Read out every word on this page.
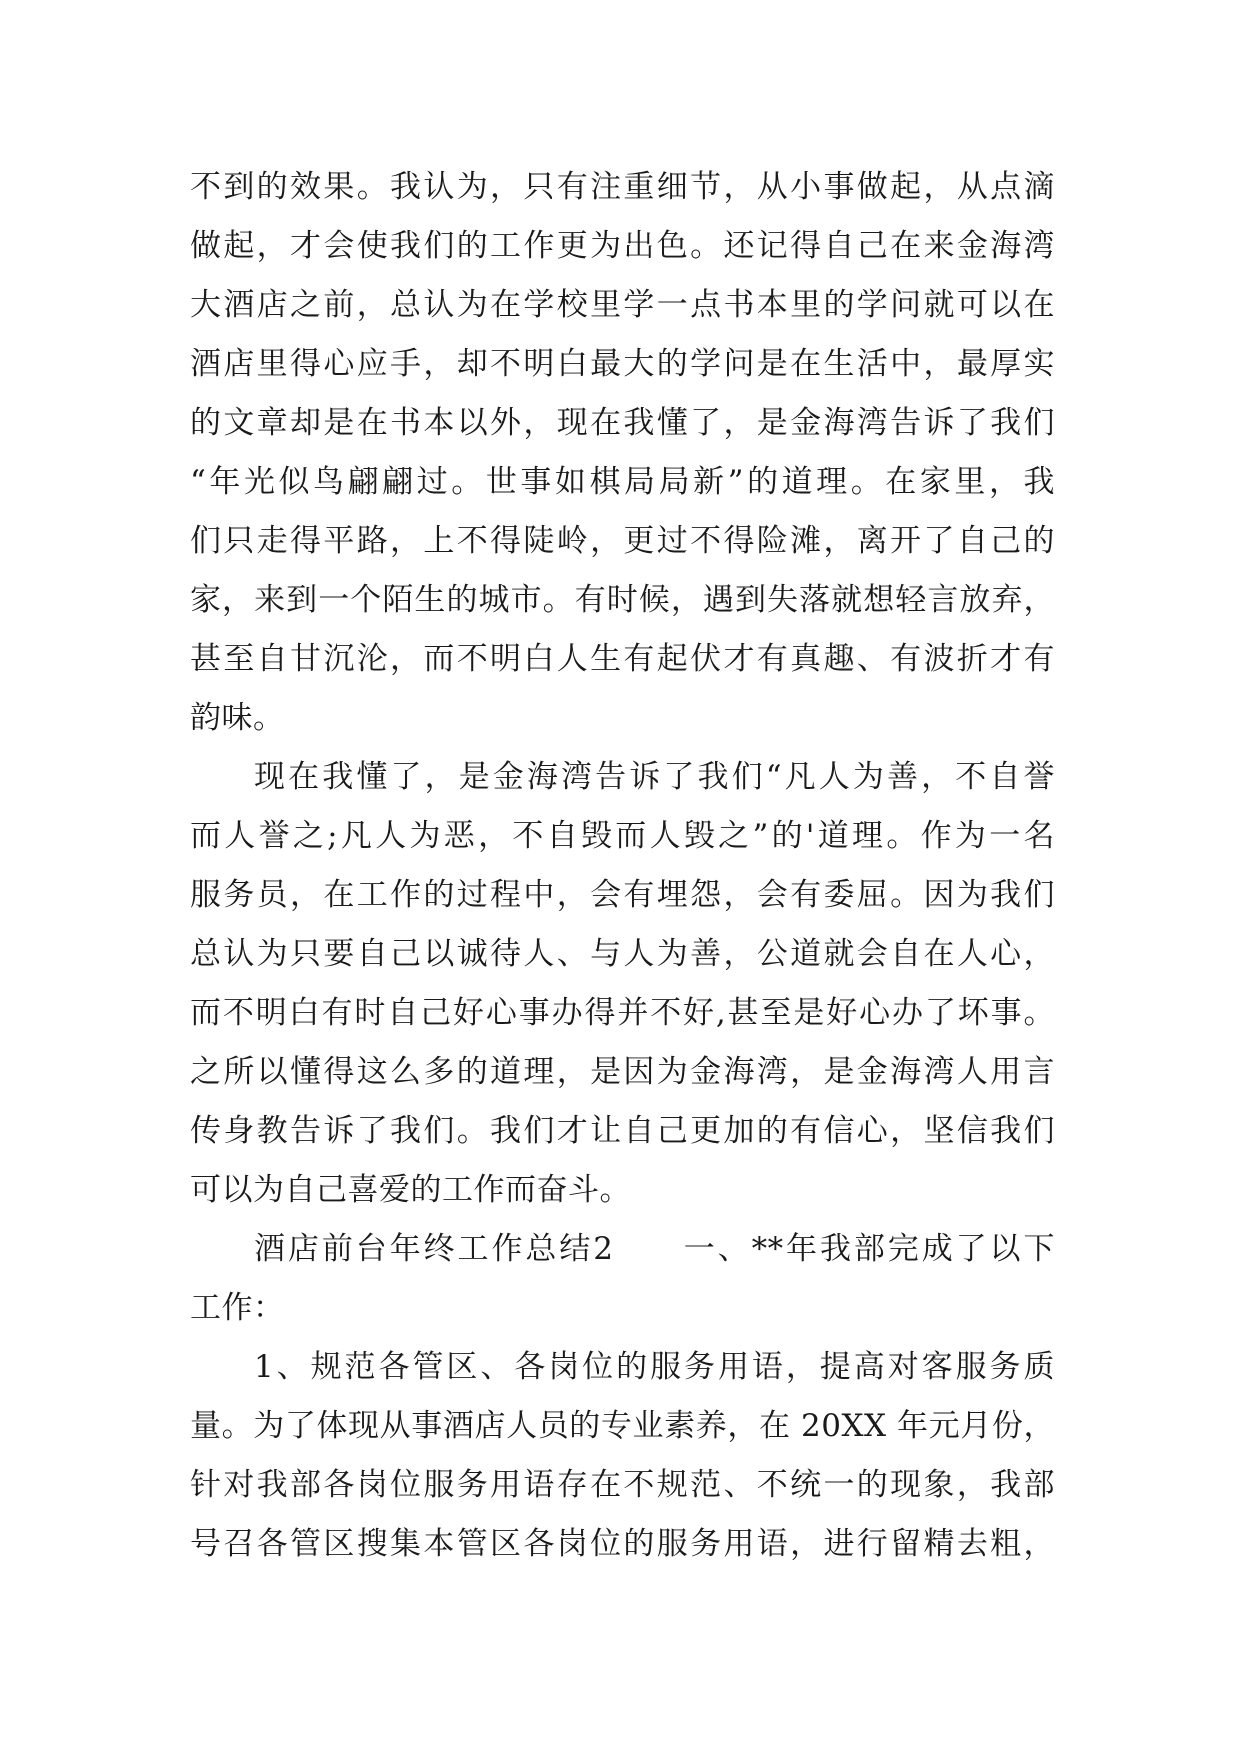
不到的效果。我认为，只有注重细节，从小事做起，从点滴
做起，才会使我们的工作更为出色。还记得自己在来金海湾
大酒店之前，总认为在学校里学一点书本里的学问就可以在
酒店里得心应手，却不明白最大的学问是在生活中，最厚实
的文章却是在书本以外，现在我懂了，是金海湾告诉了我们
“年光似鸟翩翩过。世事如棋局局新”的道理。在家里，我
们只走得平路，上不得陡岭，更过不得险滩，离开了自己的
家，来到一个陌生的城市。有时候，遇到失落就想轻言放弃，
甚至自甘沉沦，而不明白人生有起伏才有真趣、有波折才有
韵味。
现在我懂了，是金海湾告诉了我们“凡人为善，不自誉
而人誉之;凡人为恶，不自毁而人毁之”的'道理。作为一名
服务员，在工作的过程中，会有埋怨，会有委屈。因为我们
总认为只要自己以诚待人、与人为善，公道就会自在人心，
而不明白有时自己好心事办得并不好,甚至是好心办了坏事。
之所以懂得这么多的道理，是因为金海湾，是金海湾人用言
传身教告诉了我们。我们才让自己更加的有信心，坚信我们
可以为自己喜爱的工作而奋斗。
酒店前台年终工作总结2　　一、**年我部完成了以下
工作：
1、规范各管区、各岗位的服务用语，提高对客服务质
量。为了体现从事酒店人员的专业素养，在 20XX 年元月份，
针对我部各岗位服务用语存在不规范、不统一的现象，我部
号召各管区搜集本管区各岗位的服务用语，进行留精去粗，
